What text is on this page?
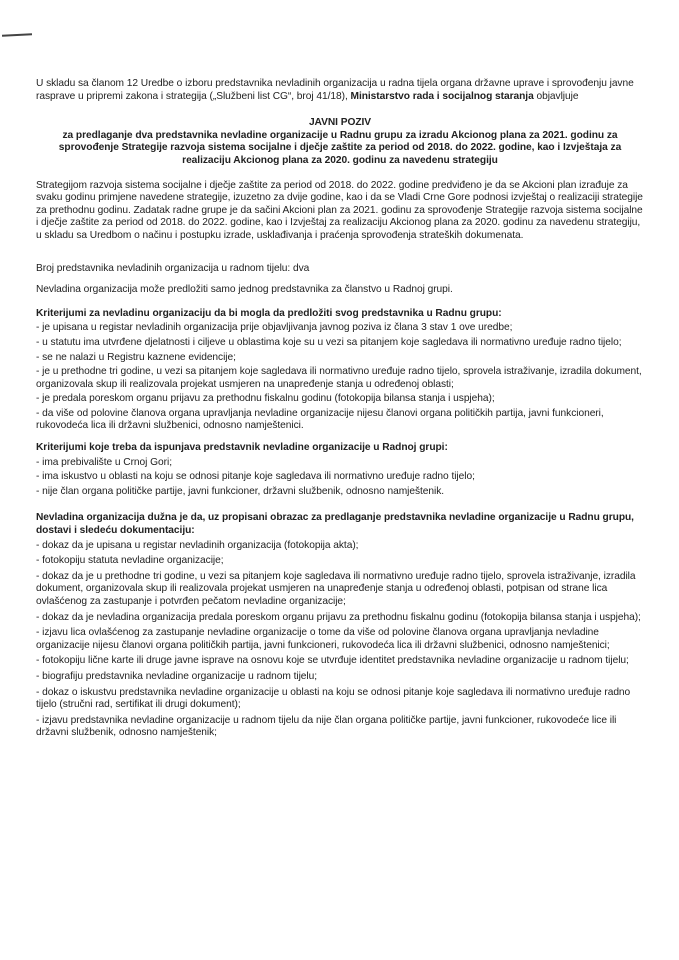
U skladu sa članom 12 Uredbe o izboru predstavnika nevladinih organizacija u radna tijela organa državne uprave i sprovođenju javne rasprave u pripremi zakona i strategija („Službeni list CG“, broj 41/18), Ministarstvo rada i socijalnog staranja objavljuje

JAVNI POZIV
za predlaganje dva predstavnika nevladine organizacije u Radnu grupu za izradu Akcionog plana za 2021. godinu za sprovođenje Strategije razvoja sistema socijalne i dječje zaštite za period od 2018. do 2022. godine, kao i Izvještaja za realizaciju Akcionog plana za 2020. godinu za navedenu strategiju

Strategijom razvoja sistema socijalne i dječje zaštite za period od 2018. do 2022. godine predviđeno je da se Akcioni plan izrađuje za svaku godinu primjene navedene strategije, izuzetno za dvije godine, kao i da se Vladi Crne Gore podnosi izvještaj o realizaciji strategije za prethodnu godinu. Zadatak radne grupe je da sačini Akcioni plan za 2021. godinu za sprovođenje Strategije razvoja sistema socijalne i dječje zaštite za period od 2018. do 2022. godine, kao i Izvještaj za realizaciju Akcionog plana za 2020. godinu za navedenu strategiju, u skladu sa Uredbom o načinu i postupku izrade, usklađivanja i praćenja sprovođenja strateških dokumenata.

Broj predstavnika nevladinih organizacija u radnom tijelu: dva

Nevladina organizacija može predložiti samo jednog predstavnika za članstvo u Radnoj grupi.

Kriterijumi za nevladinu organizaciju da bi mogla da predložiti svog predstavnika u Radnu grupu:

- je upisana u registar nevladinih organizacija prije objavljivanja javnog poziva iz člana 3 stav 1 ove uredbe;
- u statutu ima utvrđene djelatnosti i ciljeve u oblastima koje su u vezi sa pitanjem koje sagledava ili normativno uređuje radno tijelo;
- se ne nalazi u Registru kaznene evidencije;
- je u prethodne tri godine, u vezi sa pitanjem koje sagledava ili normativno uređuje radno tijelo, sprovela istraživanje, izradila dokument, organizovala skup ili realizovala projekat usmjeren na unapređenje stanja u određenoj oblasti;
- je predala poreskom organu prijavu za prethodnu fiskalnu godinu (fotokopija bilansa stanja i uspjeha);
- da više od polovine članova organa upravljanja nevladine organizacije nijesu članovi organa političkih partija, javni funkcioneri, rukovodeća lica ili državni službenici, odnosno namještenici.

Kriterijumi koje treba da ispunjava predstavnik nevladine organizacije u Radnoj grupi:

- ima prebivalište u Crnoj Gori;
- ima iskustvo u oblasti na koju se odnosi pitanje koje sagledava ili normativno uređuje radno tijelo;
- nije član organa političke partije, javni funkcioner, državni službenik, odnosno namještenik.

Nevladina organizacija dužna je da, uz propisani obrazac za predlaganje predstavnika nevladine organizacije u Radnu grupu, dostavi i sledeću dokumentaciju:

- dokaz da je upisana u registar nevladinih organizacija (fotokopija akta);
- fotokopiju statuta nevladine organizacije;
- dokaz da je u prethodne tri godine, u vezi sa pitanjem koje sagledava ili normativno uređuje radno tijelo, sprovela istraživanje, izradila dokument, organizovala skup ili realizovala projekat usmjeren na unapređenje stanja u određenoj oblasti, potpisan od strane lica ovlašćenog za zastupanje i potvrđen pečatom nevladine organizacije;
- dokaz da je nevladina organizacija predala poreskom organu prijavu za prethodnu fiskalnu godinu (fotokopija bilansa stanja i uspjeha);
- izjavu lica ovlašćenog za zastupanje nevladine organizacije o tome da više od polovine članova organa upravljanja nevladine organizacije nijesu članovi organa političkih partija, javni funkcioneri, rukovodeća lica ili državni službenici, odnosno namještenici;
- fotokopiju lične karte ili druge javne isprave na osnovu koje se utvrđuje identitet predstavnika nevladine organizacije u radnom tijelu;
- biografiju predstavnika nevladine organizacije u radnom tijelu;
- dokaz o iskustvu predstavnika nevladine organizacije u oblasti na koju se odnosi pitanje koje sagledava ili normativno uređuje radno tijelo (stručni rad, sertifikat ili drugi dokument);
- izjavu predstavnika nevladine organizacije u radnom tijelu da nije član organa političke partije, javni funkcioner, rukovodeće lice ili državni službenik, odnosno namještenik;
